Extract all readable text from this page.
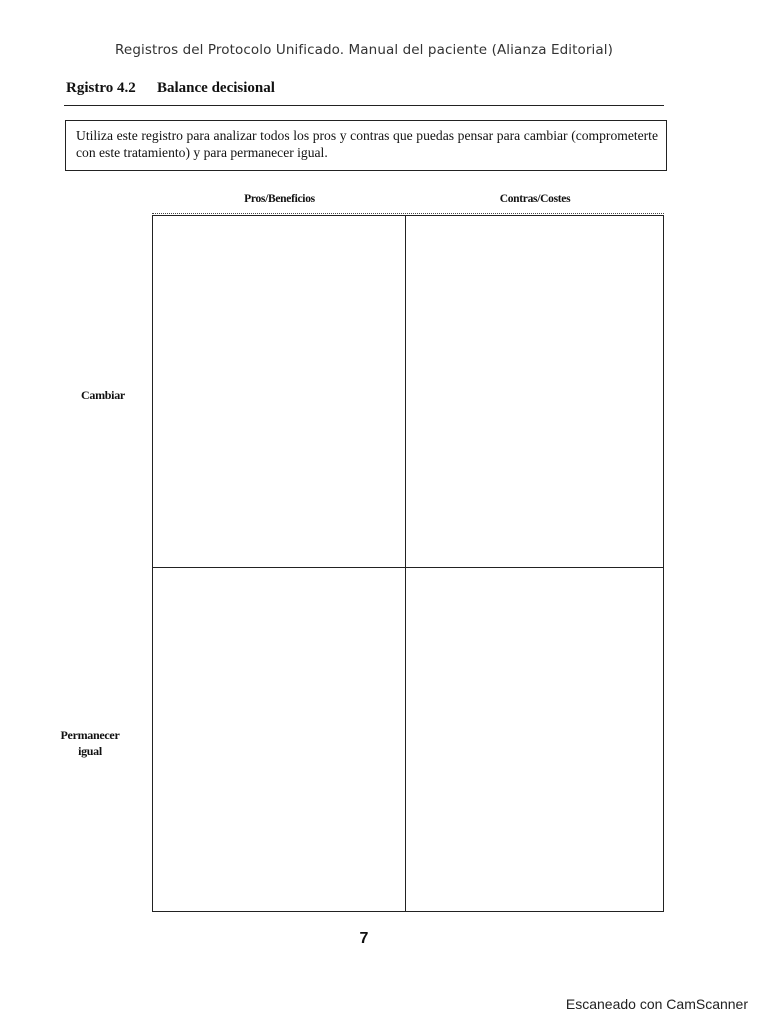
Registros del Protocolo Unificado. Manual del paciente (Alianza Editorial)
Rgistro 4.2 Balance decisional
Utiliza este registro para analizar todos los pros y contras que puedas pensar para cambiar (comprometerte con este tratamiento) y para permanecer igual.
Pros/Beneficios	Contras/Costes
Cambiar
Permanecer
igual
7
Escaneado con CamScanner
